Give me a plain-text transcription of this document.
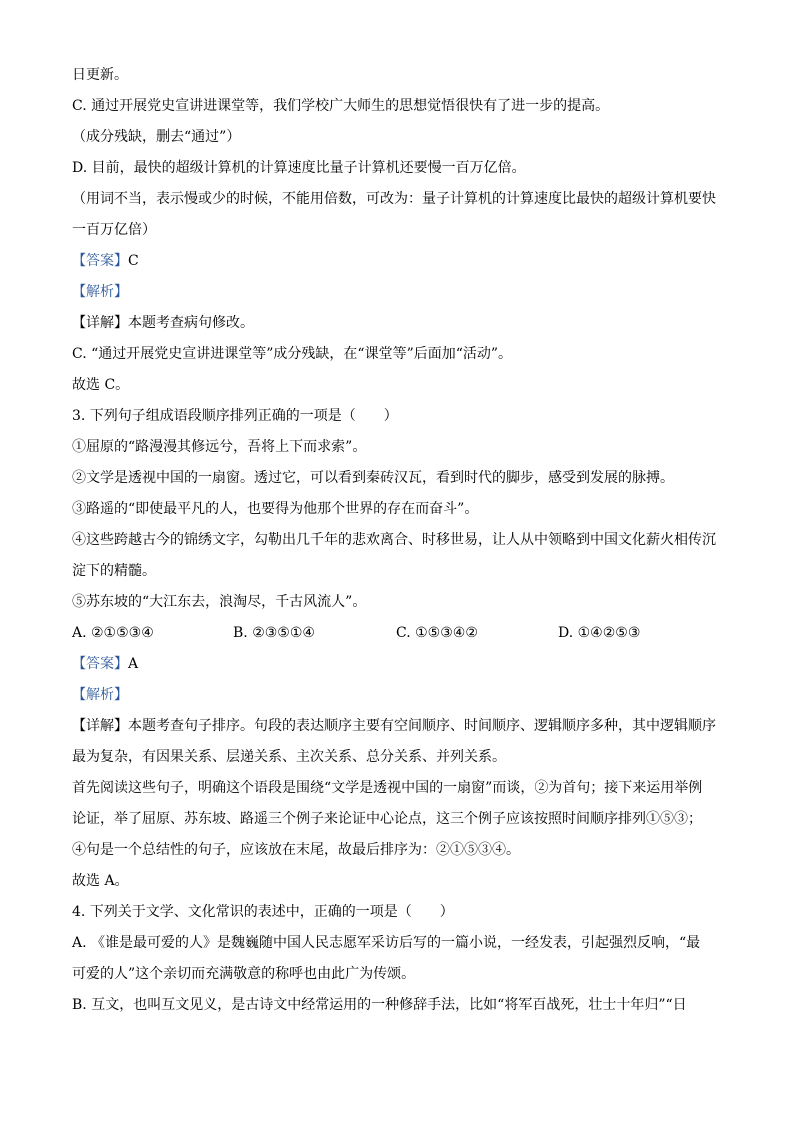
日更新。
C. 通过开展党史宣讲进课堂等，我们学校广大师生的思想觉悟很快有了进一步的提高。
（成分残缺，删去“通过”）
D. 目前，最快的超级计算机的计算速度比量子计算机还要慢一百万亿倍。
（用词不当，表示慢或少的时候，不能用倍数，可改为：量子计算机的计算速度比最快的超级计算机要快
一百万亿倍）
【答案】C
【解析】
【详解】本题考查病句修改。
C. “通过开展党史宣讲进课堂等”成分残缺，在“课堂等”后面加“活动”。
故选 C。
3. 下列句子组成语段顺序排列正确的一项是（　　）
①屈原的“路漫漫其修远兮，吾将上下而求索”。
②文学是透视中国的一扇窗。透过它，可以看到秦砖汉瓦，看到时代的脚步，感受到发展的脉搏。
③路遥的“即使最平凡的人，也要得为他那个世界的存在而奋斗”。
④这些跨越古今的锦绣文字，勾勒出几千年的悲欢离合、时移世易，让人从中领略到中国文化薪火相传沉
淀下的精髓。
⑤苏东坡的“大江东去，浪淘尽，千古风流人”。
A. ②①⑤③④	B. ②③⑤①④	C. ①⑤③④②	D. ①④②⑤③
【答案】A
【解析】
【详解】本题考查句子排序。句段的表达顺序主要有空间顺序、时间顺序、逻辑顺序多种，其中逻辑顺序
最为复杂，有因果关系、层递关系、主次关系、总分关系、并列关系。
首先阅读这些句子，明确这个语段是围绕“文学是透视中国的一扇窗”而谈，②为首句；接下来运用举例
论证，举了屈原、苏东坡、路遥三个例子来论证中心论点，这三个例子应该按照时间顺序排列①⑤③；
④句是一个总结性的句子，应该放在末尾，故最后排序为：②①⑤③④。
故选 A。
4. 下列关于文学、文化常识的表述中，正确的一项是（　　）
A. 《谁是最可爱的人》是魏巍随中国人民志愿军采访后写的一篇小说，一经发表，引起强烈反响，“最
可爱的人”这个亲切而充满敬意的称呼也由此广为传颂。
B. 互文，也叫互文见义，是古诗文中经常运用的一种修辞手法，比如“将军百战死，壮士十年归”“日
